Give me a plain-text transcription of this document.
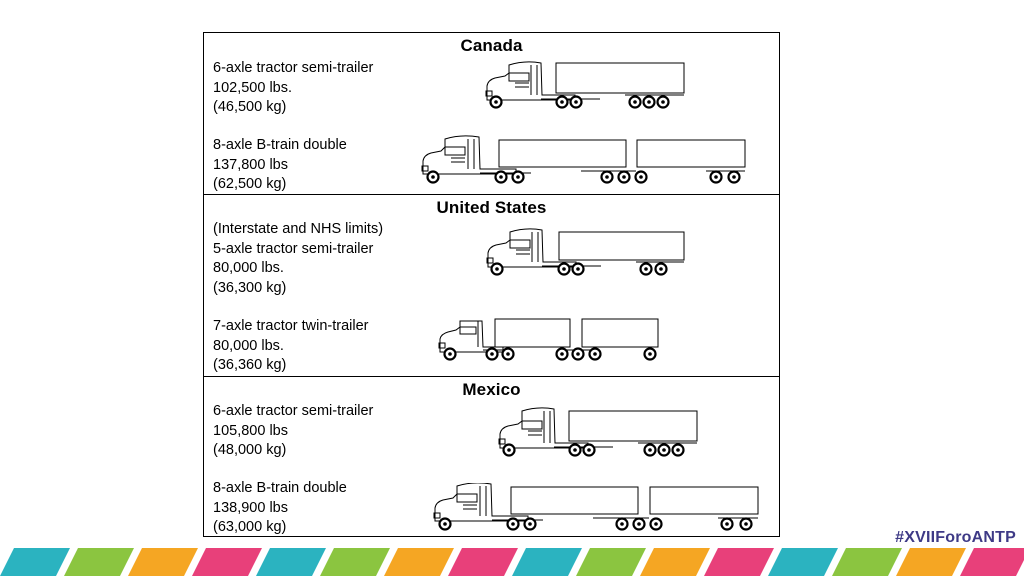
Canada
6-axle tractor semi-trailer
102,500 lbs.
(46,500 kg)
8-axle B-train double
137,800 lbs
(62,500 kg)
United States
(Interstate and NHS limits)
5-axle tractor semi-trailer
80,000 lbs.
(36,300 kg)
7-axle tractor twin-trailer
80,000 lbs.
(36,360 kg)
Mexico
6-axle tractor semi-trailer
105,800 lbs
(48,000 kg)
8-axle B-train double
138,900 lbs
(63,000 kg)
#XVIIForoANTP
